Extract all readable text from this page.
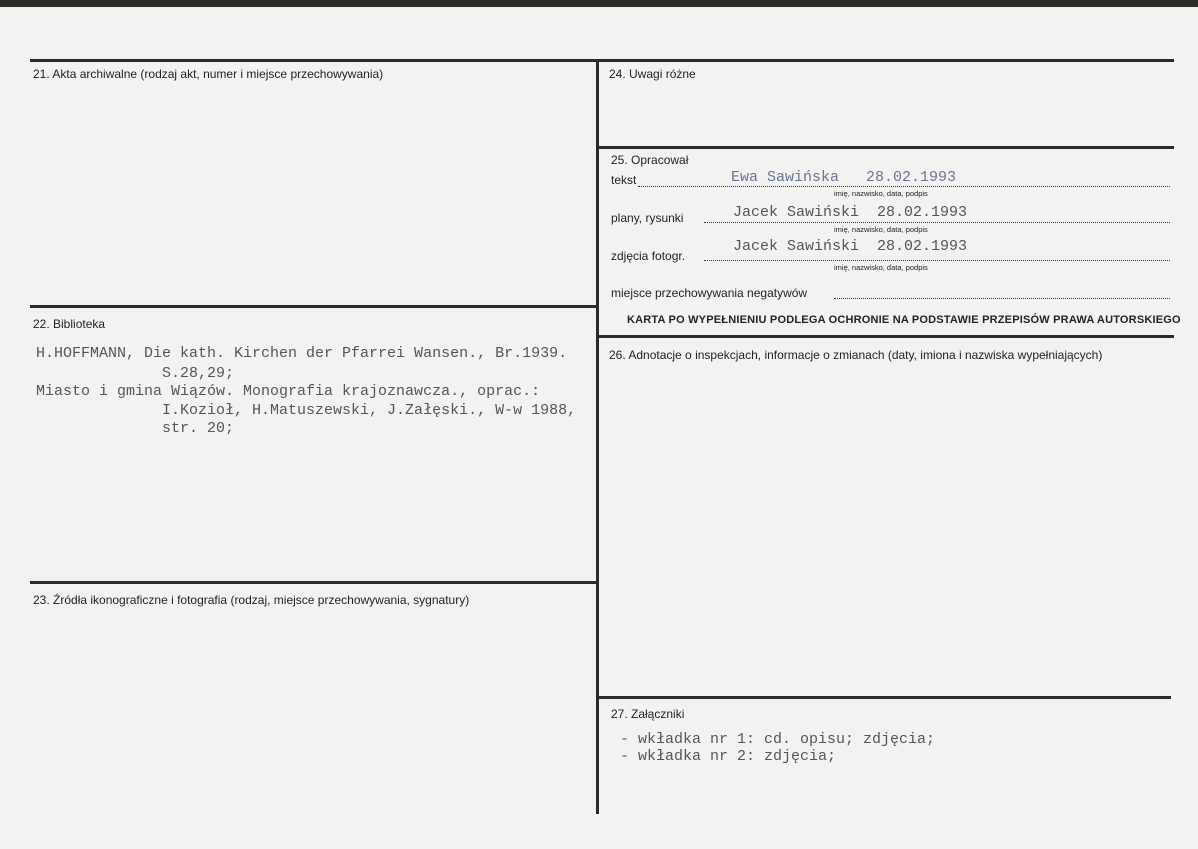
21. Akta archiwalne (rodzaj akt, numer i miejsce przechowywania)
22. Biblioteka
H.HOFFMANN, Die kath. Kirchen der Pfarrei Wansen., Br.1939.
S.28,29;
Miasto i gmina Wiązów. Monografia krajoznawcza., oprac.:
I.Kozioł, H.Matuszewski, J.Załęski., W-w 1988,
str. 20;
23. Źródła ikonograficzne i fotografia (rodzaj, miejsce przechowywania, sygnatury)
24. Uwagi różne
25. Opracował
tekst	Ewa Sawińska   28.02.1993
imię, nazwisko, data, podpis
plany, rysunki	Jacek Sawiński  28.02.1993
imię, nazwisko, data, podpis
zdjęcia fotogr.
Jacek Sawiński  28.02.1993
imię, nazwisko, data, podpis
miejsce przechowywania negatywów
KARTA PO WYPEŁNIENIU PODLEGA OCHRONIE NA PODSTAWIE PRZEPISÓW PRAWA AUTORSKIEGO
26. Adnotacje o inspekcjach, informacje o zmianach (daty, imiona i nazwiska wypełniających)
27. Załączniki
- wkładka nr 1: cd. opisu; zdjęcia;
- wkładka nr 2: zdjęcia;
